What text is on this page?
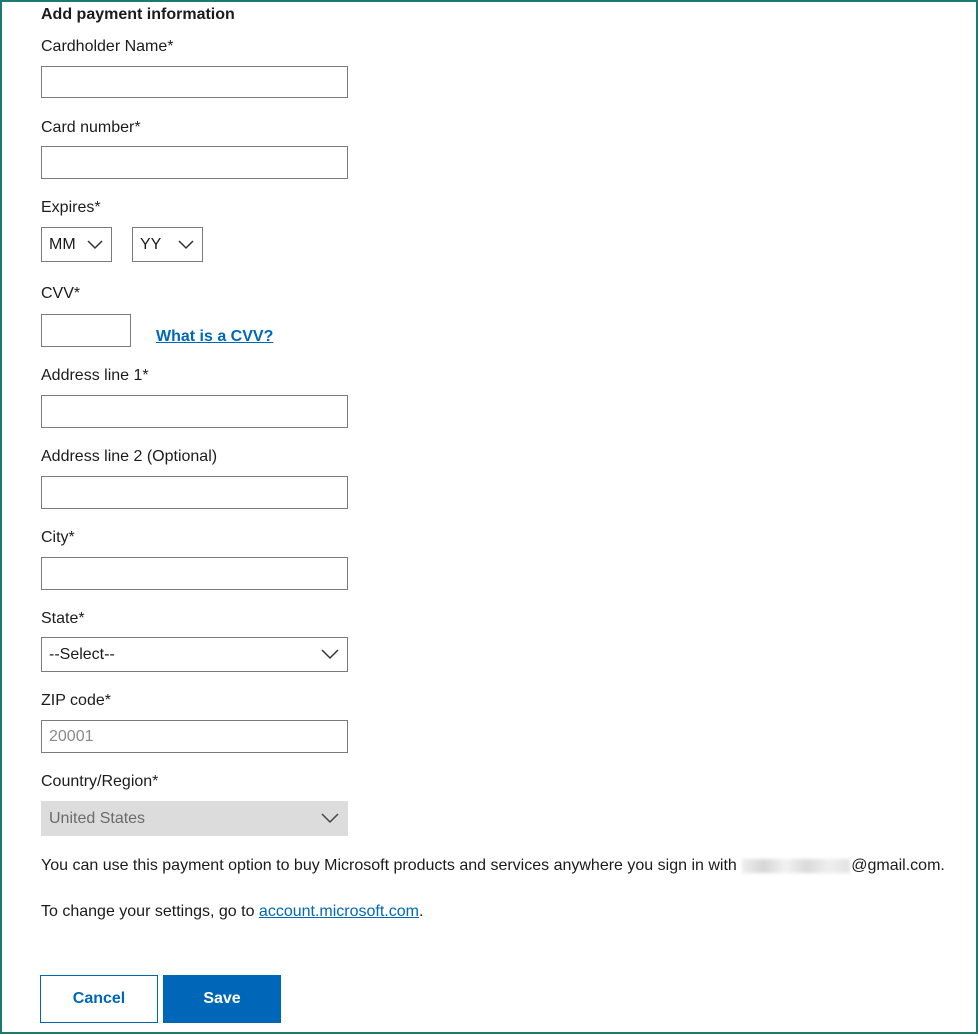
Add payment information
Cardholder Name*
Card number*
Expires*
MM	YY
CVV*
What is a CVV?
Address line 1*
Address line 2 (Optional)
City*
State*
--Select--
ZIP code*
20001
Country/Region*
United States
You can use this payment option to buy Microsoft products and services anywhere you sign in with	@gmail.com.
To change your settings, go to account.microsoft.com.
Cancel	Save
